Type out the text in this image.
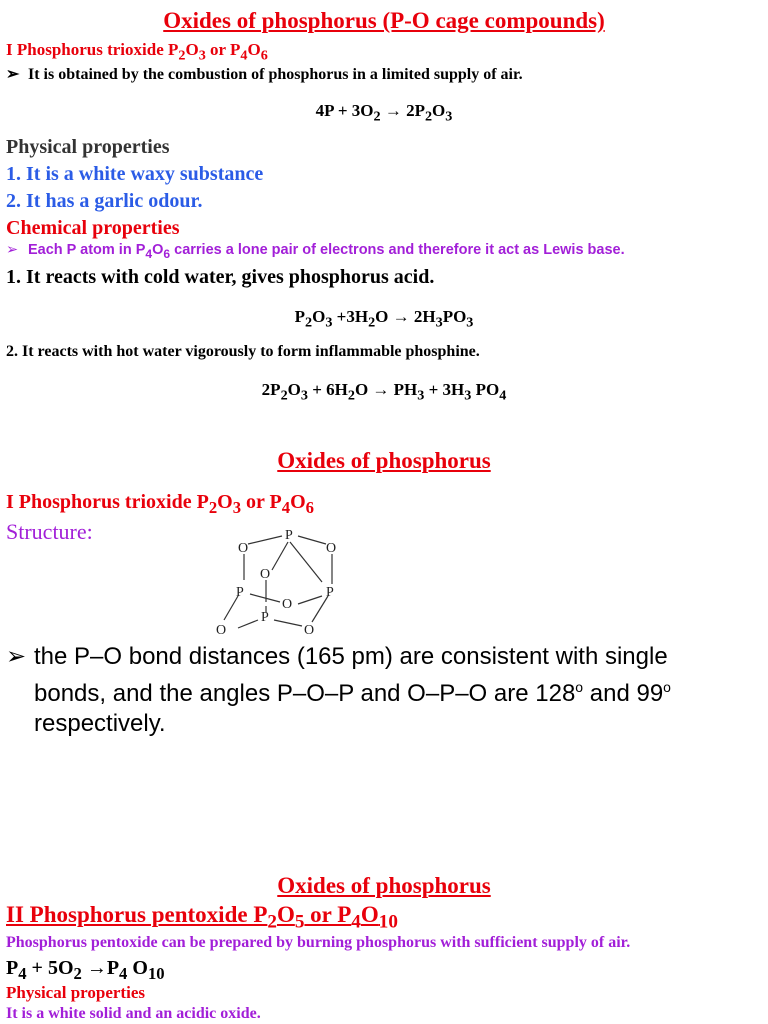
Oxides of phosphorus (P-O cage compounds)
I Phosphorus trioxide $P_2O_3$ or $P_4O_6$
➢ It is obtained by the combustion of phosphorus in a limited supply of air.
$4P + 3O_2 \to 2P_2O_3$
Physical properties
1. It is a white waxy substance
2. It has a garlic odour.
Chemical properties
➢ Each P atom in $P_4O_6$ carries a lone pair of electrons and therefore it act as Lewis base.
1. It reacts with cold water, gives phosphorus acid.
$P_2O_3 +3H_2O \to 2H_3PO_3$
2. It reacts with hot water vigorously to form inflammable phosphine.
$2P_2O_3 + 6H_2O \to PH_3 + 3H_3$ $PO_4$
Oxides of phosphorus
I Phosphorus trioxide $P_2O_3$ or $P_4O_6$
Structure:	P
O	O
O
P
O
P
P
O	O
➢ the P–O bond distances (165 pm) are consistent with single bonds, and the angles P–O–P and O–P–O are 128$^o$ and 99$^o$ respectively.
Oxides of phosphorus
II Phosphorus pentoxide $P_2O_5$ or $P_4O_{10}$
Phosphorus pentoxide can be prepared by burning phosphorus with sufficient supply of air.
$P_4 + 5O_2 \to P_4$ $O_{10}$
Physical properties
It is a white solid and an acidic oxide.
